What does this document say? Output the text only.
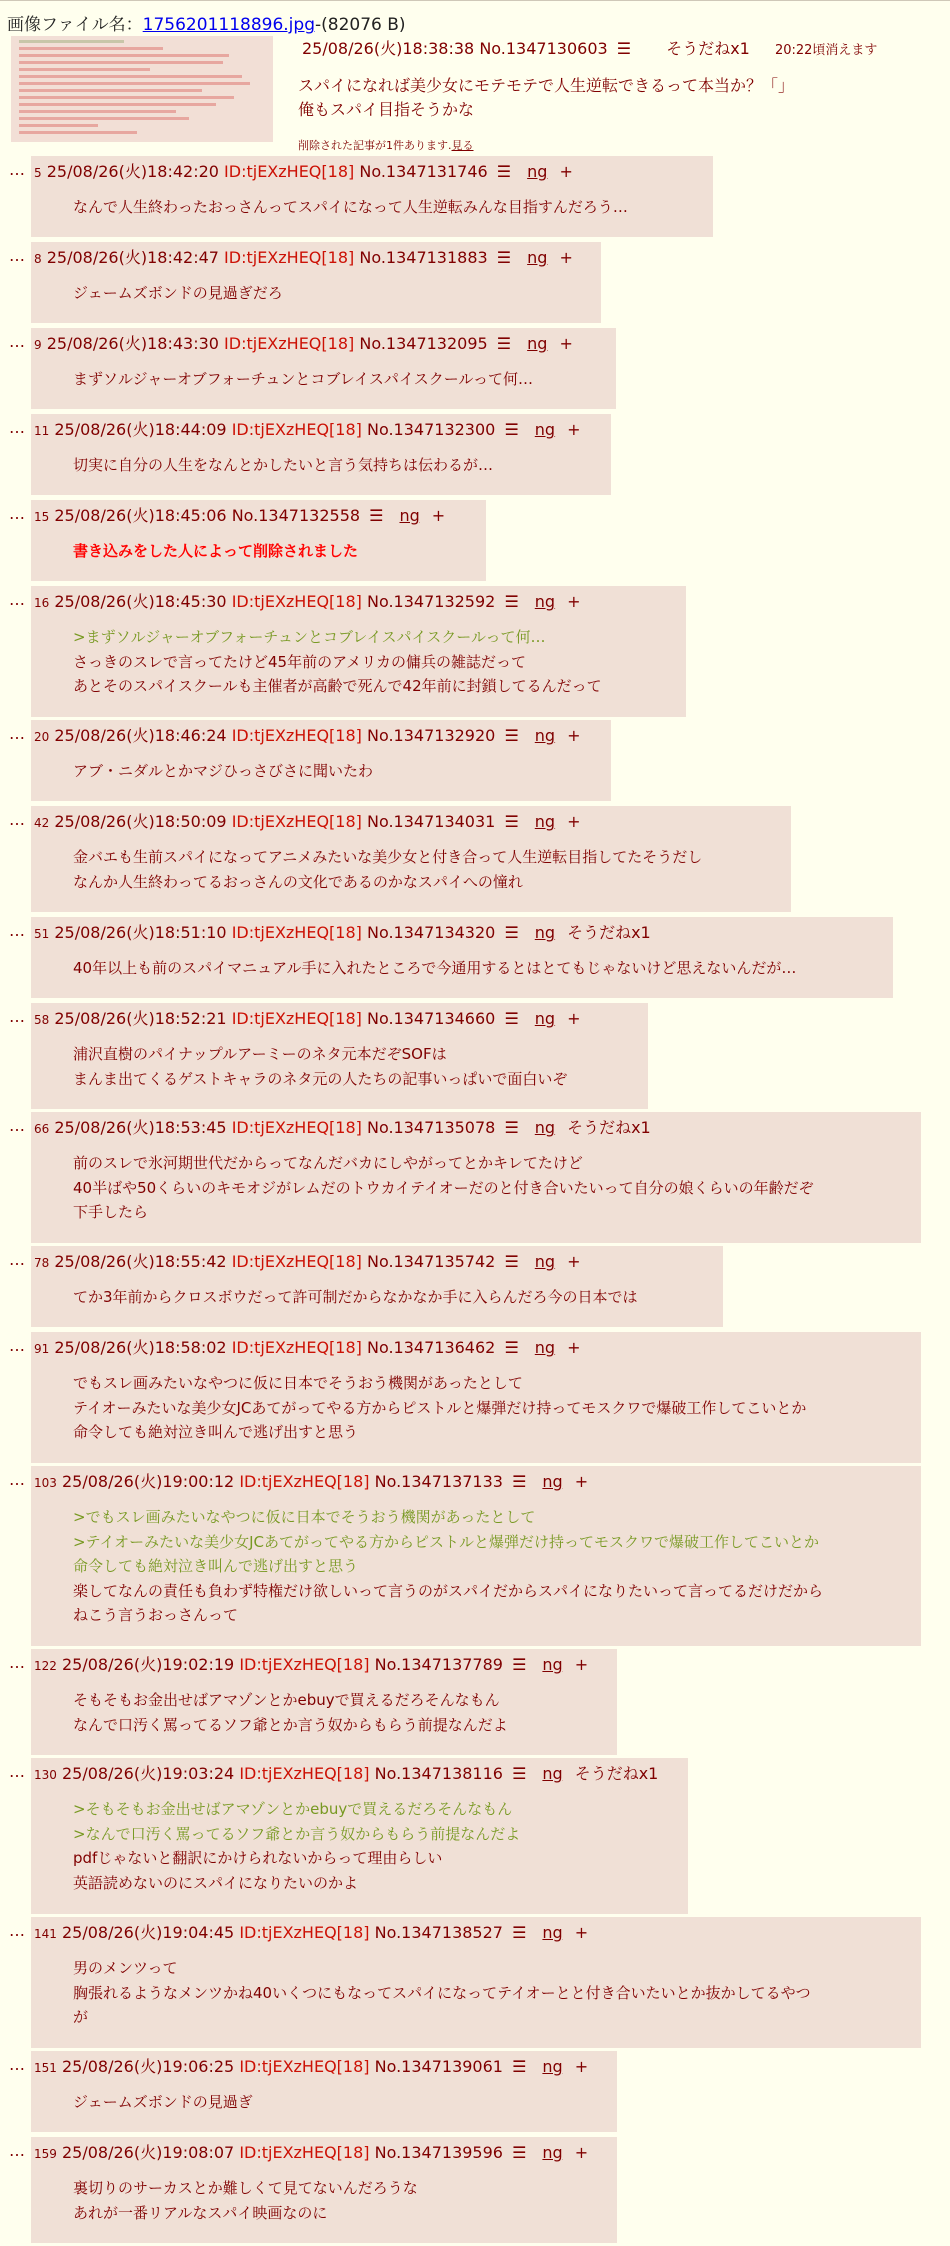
画像ファイル名：1756201118896.jpg-(82076 B)
25/08/26(火)18:38:38 No.1347130603 ☰ そうだねx1 20:22頃消えます
スパイになれば美少女にモテモテで人生逆転できるって本当か？「」
俺もスパイ目指そうかな
削除された記事が1件あります.見る
… 5 25/08/26(火)18:42:20 ID:tjEXzHEQ[18] No.1347131746 ☰ ng +
なんで人生終わったおっさんってスパイになって人生逆転みんな目指すんだろう…
… 8 25/08/26(火)18:42:47 ID:tjEXzHEQ[18] No.1347131883 ☰ ng +
ジェームズボンドの見過ぎだろ
… 9 25/08/26(火)18:43:30 ID:tjEXzHEQ[18] No.1347132095 ☰ ng +
まずソルジャーオブフォーチュンとコブレイスパイスクールって何…
… 11 25/08/26(火)18:44:09 ID:tjEXzHEQ[18] No.1347132300 ☰ ng +
切実に自分の人生をなんとかしたいと言う気持ちは伝わるが…
… 15 25/08/26(火)18:45:06 No.1347132558 ☰ ng +
書き込みをした人によって削除されました
… 16 25/08/26(火)18:45:30 ID:tjEXzHEQ[18] No.1347132592 ☰ ng +
>まずソルジャーオブフォーチュンとコブレイスパイスクールって何…
さっきのスレで言ってたけど45年前のアメリカの傭兵の雑誌だって
あとそのスパイスクールも主催者が高齢で死んで42年前に封鎖してるんだって
… 20 25/08/26(火)18:46:24 ID:tjEXzHEQ[18] No.1347132920 ☰ ng +
アブ・ニダルとかマジひっさびさに聞いたわ
… 42 25/08/26(火)18:50:09 ID:tjEXzHEQ[18] No.1347134031 ☰ ng +
金バエも生前スパイになってアニメみたいな美少女と付き合って人生逆転目指してたそうだし
なんか人生終わってるおっさんの文化であるのかなスパイへの憧れ
… 51 25/08/26(火)18:51:10 ID:tjEXzHEQ[18] No.1347134320 ☰ ng そうだねx1
40年以上も前のスパイマニュアル手に入れたところで今通用するとはとてもじゃないけど思えないんだが…
… 58 25/08/26(火)18:52:21 ID:tjEXzHEQ[18] No.1347134660 ☰ ng +
浦沢直樹のパイナップルアーミーのネタ元本だぞSOFは
まんま出てくるゲストキャラのネタ元の人たちの記事いっぱいで面白いぞ
… 66 25/08/26(火)18:53:45 ID:tjEXzHEQ[18] No.1347135078 ☰ ng そうだねx1
前のスレで氷河期世代だからってなんだバカにしやがってとかキレてたけど
40半ばや50くらいのキモオジがレムだのトウカイテイオーだのと付き合いたいって自分の娘くらいの年齢だぞ
下手したら
… 78 25/08/26(火)18:55:42 ID:tjEXzHEQ[18] No.1347135742 ☰ ng +
てか3年前からクロスボウだって許可制だからなかなか手に入らんだろ今の日本では
… 91 25/08/26(火)18:58:02 ID:tjEXzHEQ[18] No.1347136462 ☰ ng +
でもスレ画みたいなやつに仮に日本でそうおう機関があったとして
テイオーみたいな美少女JCあてがってやる方からピストルと爆弾だけ持ってモスクワで爆破工作してこいとか
命令しても絶対泣き叫んで逃げ出すと思う
… 103 25/08/26(火)19:00:12 ID:tjEXzHEQ[18] No.1347137133 ☰ ng +
>でもスレ画みたいなやつに仮に日本でそうおう機関があったとして
>テイオーみたいな美少女JCあてがってやる方からピストルと爆弾だけ持ってモスクワで爆破工作してこいとか
命令しても絶対泣き叫んで逃げ出すと思う
楽してなんの責任も負わず特権だけ欲しいって言うのがスパイだからスパイになりたいって言ってるだけだから
ねこう言うおっさんって
… 122 25/08/26(火)19:02:19 ID:tjEXzHEQ[18] No.1347137789 ☰ ng +
そもそもお金出せばアマゾンとかebuyで買えるだろそんなもん
なんで口汚く罵ってるソフ爺とか言う奴からもらう前提なんだよ
… 130 25/08/26(火)19:03:24 ID:tjEXzHEQ[18] No.1347138116 ☰ ng そうだねx1
>そもそもお金出せばアマゾンとかebuyで買えるだろそんなもん
>なんで口汚く罵ってるソフ爺とか言う奴からもらう前提なんだよ
pdfじゃないと翻訳にかけられないからって理由らしい
英語読めないのにスパイになりたいのかよ
… 141 25/08/26(火)19:04:45 ID:tjEXzHEQ[18] No.1347138527 ☰ ng +
男のメンツって
胸張れるようなメンツかね40いくつにもなってスパイになってテイオーとと付き合いたいとか抜かしてるやつ
が
… 151 25/08/26(火)19:06:25 ID:tjEXzHEQ[18] No.1347139061 ☰ ng +
ジェームズボンドの見過ぎ
… 159 25/08/26(火)19:08:07 ID:tjEXzHEQ[18] No.1347139596 ☰ ng +
裏切りのサーカスとか難しくて見てないんだろうな
あれが一番リアルなスパイ映画なのに
